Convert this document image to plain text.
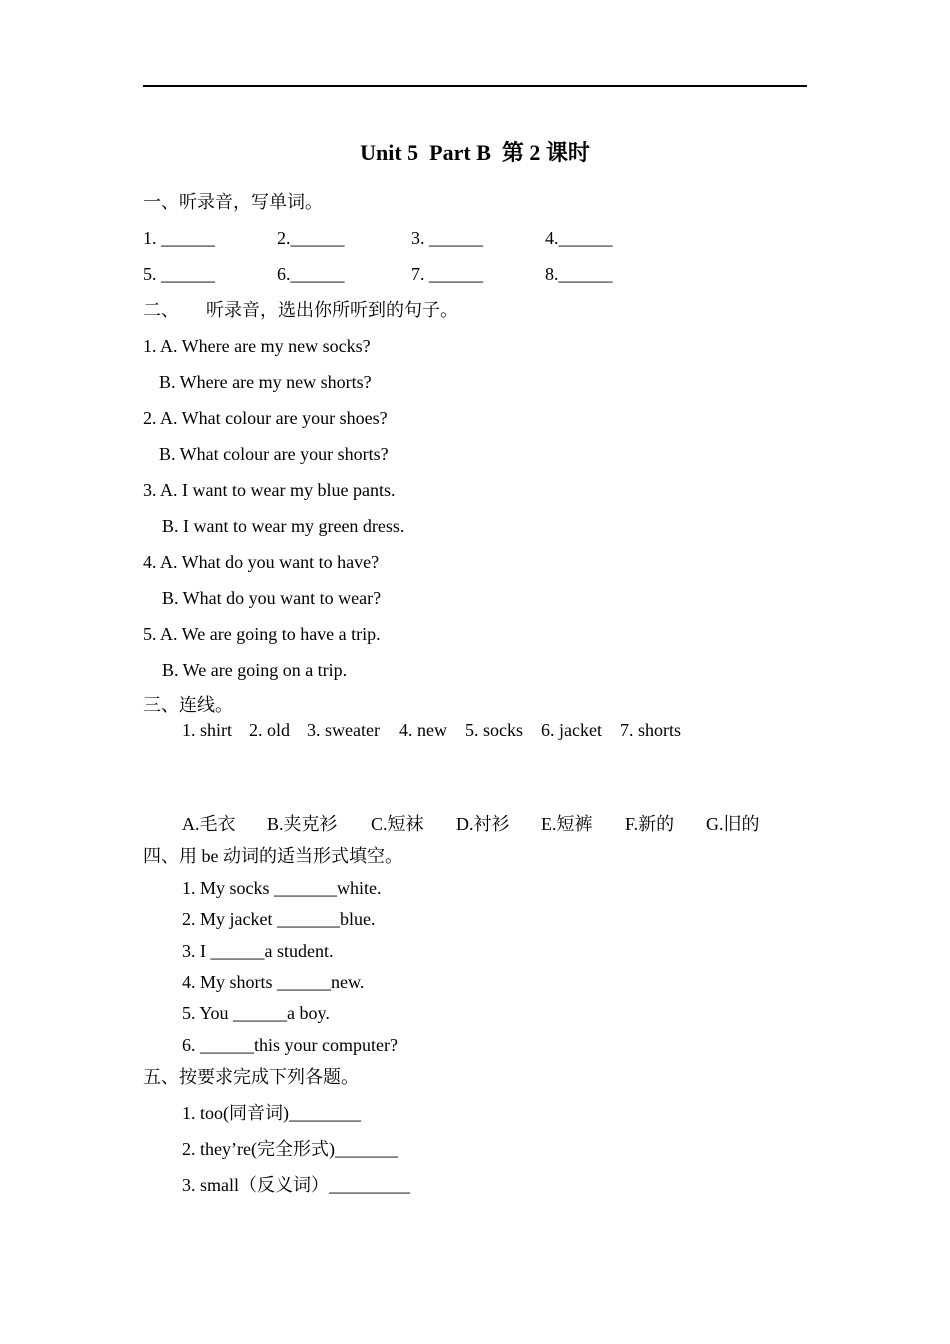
Unit 5  Part B  第 2 课时
一、听录音，写单词。
1. ______	2.______	3. ______	4.______
5. ______	6.______	7. ______	8.______
二、      听录音，选出你所听到的句子。
1. A. Where are my new socks?
B. Where are my new shorts?
2. A. What colour are your shoes?
B. What colour are your shorts?
3. A. I want to wear my blue pants.
B. I want to wear my green dress.
4. A. What do you want to have?
B. What do you want to wear?
5. A. We are going to have a trip.
B. We are going on a trip.
三、连线。
1. shirt 2. old 3. sweater 4. new 5. socks 6. jacket 7. shorts
A.毛衣 B.夹克衫 C.短袜 D.衬衫 E.短裤 F.新的 G.旧的
四、用 be 动词的适当形式填空。
1. My socks _______white.
2. My jacket _______blue.
3. I ______a student.
4. My shorts ______new.
5. You ______a boy.
6. ______this your computer?
五、按要求完成下列各题。
1. too(同音词)________
2. they’re(完全形式)_______
3. small（反义词）_________
